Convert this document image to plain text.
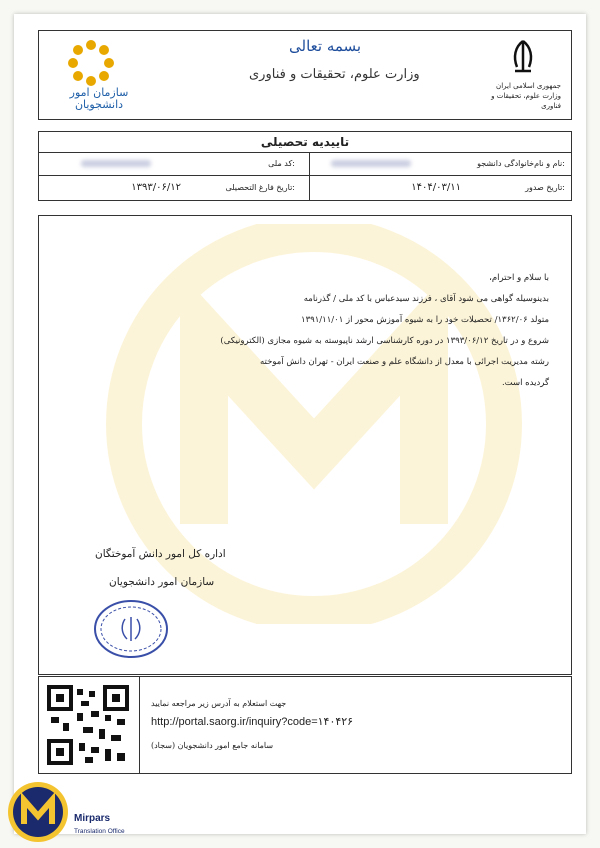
سازمان امور
دانشجویان
بسمه تعالی
وزارت علوم، تحقیقات و فناوری
جمهوری اسلامی ایران
وزارت علوم، تحقیقات و فناوری
تاییدیه تحصیلی
نام و نام‌خانوادگی دانشجو:
کد ملی:
تاریخ صدور:
۱۴۰۴/۰۳/۱۱
تاریخ فارغ التحصیلی:
۱۳۹۳/۰۶/۱۲

با سلام و احترام،

بدینوسیله گواهی می شود آقای ، فرزند سیدعباس با کد ملی / گذرنامه

متولد ۱۳۶۲/۰۶/ تحصیلات خود را به شیوه آموزش محور از ۱۳۹۱/۱۱/۰۱

شروع و در تاریخ ۱۳۹۳/۰۶/۱۲ در دوره کارشناسی ارشد ناپیوسته به شیوه مجازی (الکترونیکی)

رشته مدیریت اجرائی با معدل از دانشگاه علم و صنعت ایران - تهران دانش آموخته

گردیده است.

اداره کل امور دانش آموختگان
سازمان امور دانشجویان
جهت استعلام به آدرس زیر مراجعه نمایید
http://portal.saorg.ir/inquiry?code=۱۴۰۴۲۶
سامانه جامع امور دانشجویان (سجاد)
Mirpars
Translation Office
